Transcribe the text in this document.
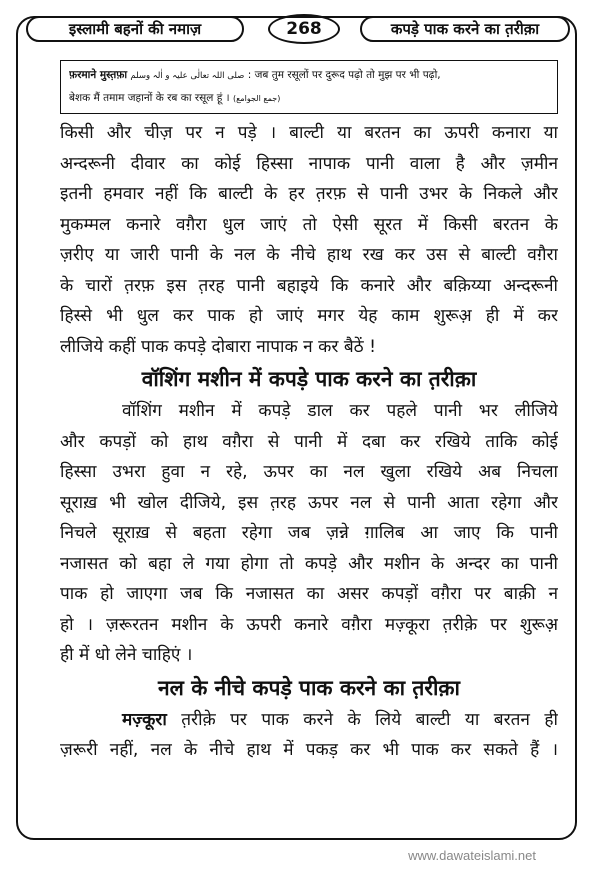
इस्लामी बहनों की नमाज़	268	कपड़े पाक करने का त़रीक़ा
फ़रमाने मुस्त़फ़ा صلی اللہ تعالٰی علیہ و اٰلہ وسلم : जब तुम रसूलों पर दुरूद पढ़ो तो मुझ पर भी पढ़ो,
बेशक मैं तमाम जहानों के रब का रसूल हूं । (جمع الجوامع)
किसी और चीज़ पर न पड़े । बाल्टी या बरतन का ऊपरी कनारा या
अन्दरूनी दीवार का कोई हिस्सा नापाक पानी वाला है और ज़मीन
इतनी हमवार नहीं कि बाल्टी के हर त़रफ़ से पानी उभर के निकले और
मुकम्मल कनारे वग़ैरा धुल जाएं तो ऐसी सूरत में किसी बरतन के
ज़रीए या जारी पानी के नल के नीचे हाथ रख कर उस से बाल्टी वग़ैरा
के चारों त़रफ़ इस त़रह पानी बहाइये कि कनारे और बक़िय्या अन्दरूनी
हिस्से भी धुल कर पाक हो जाएं मगर येह काम शुरूअ़ ही में कर
लीजिये कहीं पाक कपड़े दोबारा नापाक न कर बैठें !
वॉशिंग मशीन में कपड़े पाक करने का त़रीक़ा
वॉशिंग मशीन में कपड़े डाल कर पहले पानी भर लीजिये
और कपड़ों को हाथ वग़ैरा से पानी में दबा कर रखिये ताकि कोई
हिस्सा उभरा हुवा न रहे, ऊपर का नल खुला रखिये अब निचला
सूराख़ भी खोल दीजिये, इस त़रह ऊपर नल से पानी आता रहेगा और
निचले सूराख़ से बहता रहेगा जब ज़न्ने ग़ालिब आ जाए कि पानी
नजासत को बहा ले गया होगा तो कपड़े और मशीन के अन्दर का पानी
पाक हो जाएगा जब कि नजासत का असर कपड़ों वग़ैरा पर बाक़ी न
हो । ज़रूरतन मशीन के ऊपरी कनारे वग़ैरा मज़्कूरा त़रीक़े पर शुरूअ़
ही में धो लेने चाहिएं ।
नल के नीचे कपड़े पाक करने का त़रीक़ा
मज़्कूरा त़रीक़े पर पाक करने के लिये बाल्टी या बरतन ही
ज़रूरी नहीं, नल के नीचे हाथ में पकड़ कर भी पाक कर सकते हैं ।
www.dawateislami.net
